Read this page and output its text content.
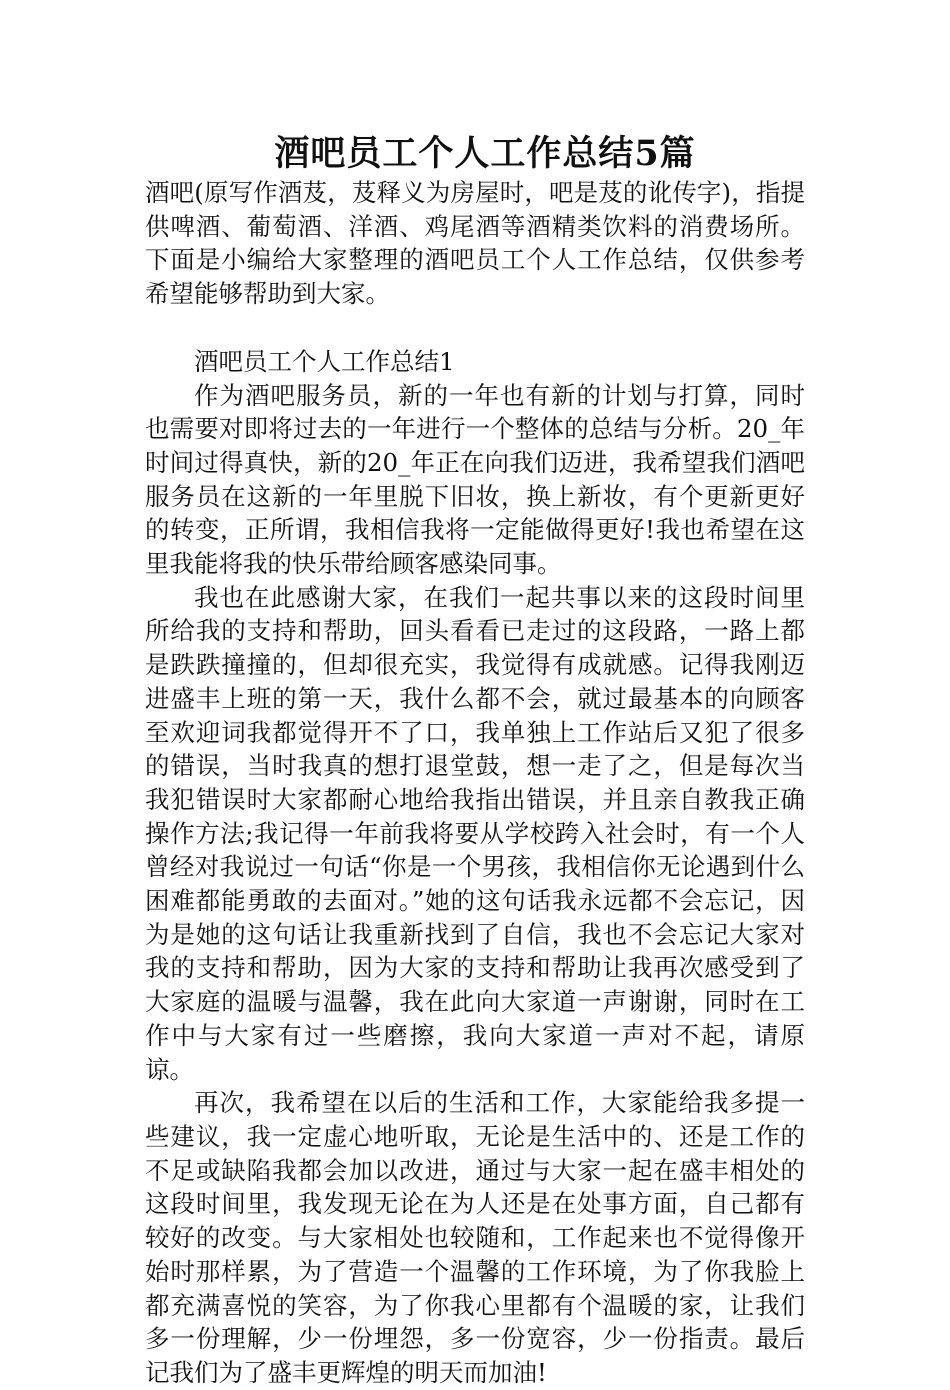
酒吧员工个人工作总结5篇

酒吧(原写作酒芨，芨释义为房屋时，吧是芨的讹传字)，指提供啤酒、葡萄酒、洋酒、鸡尾酒等酒精类饮料的消费场所。下面是小编给大家整理的酒吧员工个人工作总结，仅供参考希望能够帮助到大家。

酒吧员工个人工作总结1

作为酒吧服务员，新的一年也有新的计划与打算，同时也需要对即将过去的一年进行一个整体的总结与分析。20_年时间过得真快，新的20_年正在向我们迈进，我希望我们酒吧服务员在这新的一年里脱下旧妆，换上新妆，有个更新更好的转变，正所谓，我相信我将一定能做得更好!我也希望在这里我能将我的快乐带给顾客感染同事。

我也在此感谢大家，在我们一起共事以来的这段时间里所给我的支持和帮助，回头看看已走过的这段路，一路上都是跌跌撞撞的，但却很充实，我觉得有成就感。记得我刚迈进盛丰上班的第一天，我什么都不会，就过最基本的向顾客至欢迎词我都觉得开不了口，我单独上工作站后又犯了很多的错误，当时我真的想打退堂鼓，想一走了之，但是每次当我犯错误时大家都耐心地给我指出错误，并且亲自教我正确操作方法;我记得一年前我将要从学校跨入社会时，有一个人曾经对我说过一句话“你是一个男孩，我相信你无论遇到什么困难都能勇敢的去面对。”她的这句话我永远都不会忘记，因为是她的这句话让我重新找到了自信，我也不会忘记大家对我的支持和帮助，因为大家的支持和帮助让我再次感受到了大家庭的温暖与温馨，我在此向大家道一声谢谢，同时在工作中与大家有过一些磨擦，我向大家道一声对不起，请原谅。

再次，我希望在以后的生活和工作，大家能给我多提一些建议，我一定虚心地听取，无论是生活中的、还是工作的不足或缺陷我都会加以改进，通过与大家一起在盛丰相处的这段时间里，我发现无论在为人还是在处事方面，自己都有较好的改变。与大家相处也较随和，工作起来也不觉得像开始时那样累，为了营造一个温馨的工作环境，为了你我脸上都充满喜悦的笑容，为了你我心里都有个温暖的家，让我们多一份理解，少一份埋怨，多一份宽容，少一份指责。最后记我们为了盛丰更辉煌的明天而加油!
